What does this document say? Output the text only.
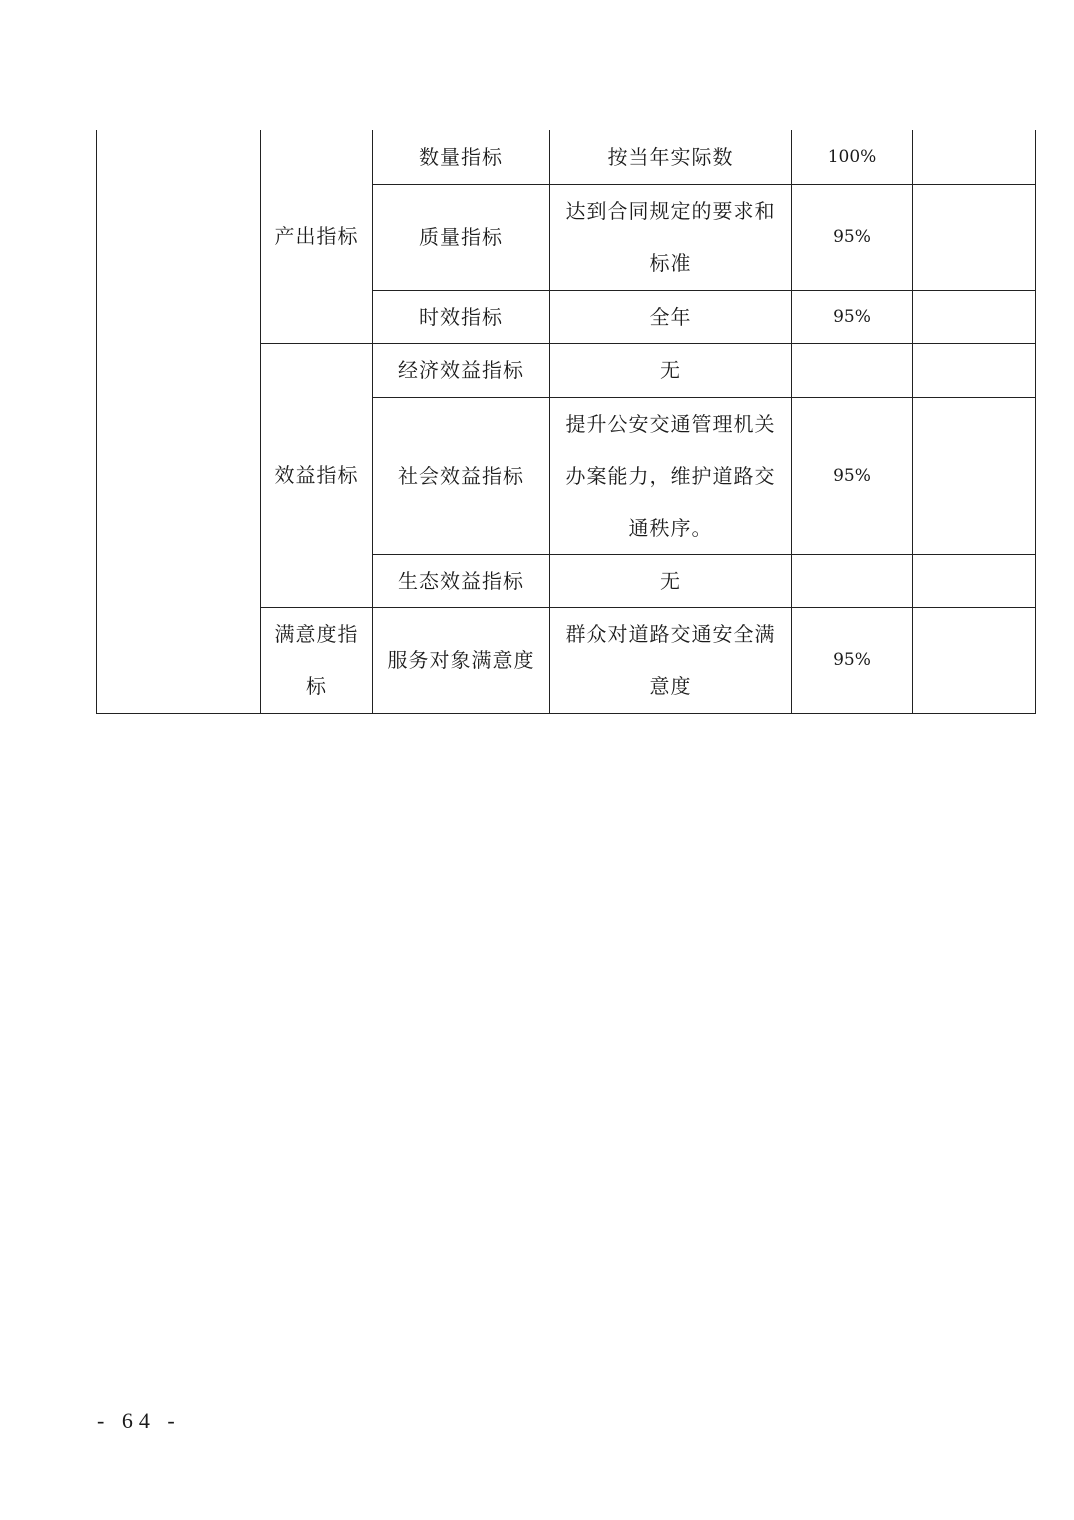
	产出指标	数量指标	按当年实际数	100%	
		质量指标	达到合同规定的要求和标准	95%	
		时效指标	全年	95%	
	效益指标	经济效益指标	无		
		社会效益指标	提升公安交通管理机关办案能力，维护道路交通秩序。	95%	
		生态效益指标	无		
	满意度指标	服务对象满意度	群众对道路交通安全满意度	95%	
- 64 -
